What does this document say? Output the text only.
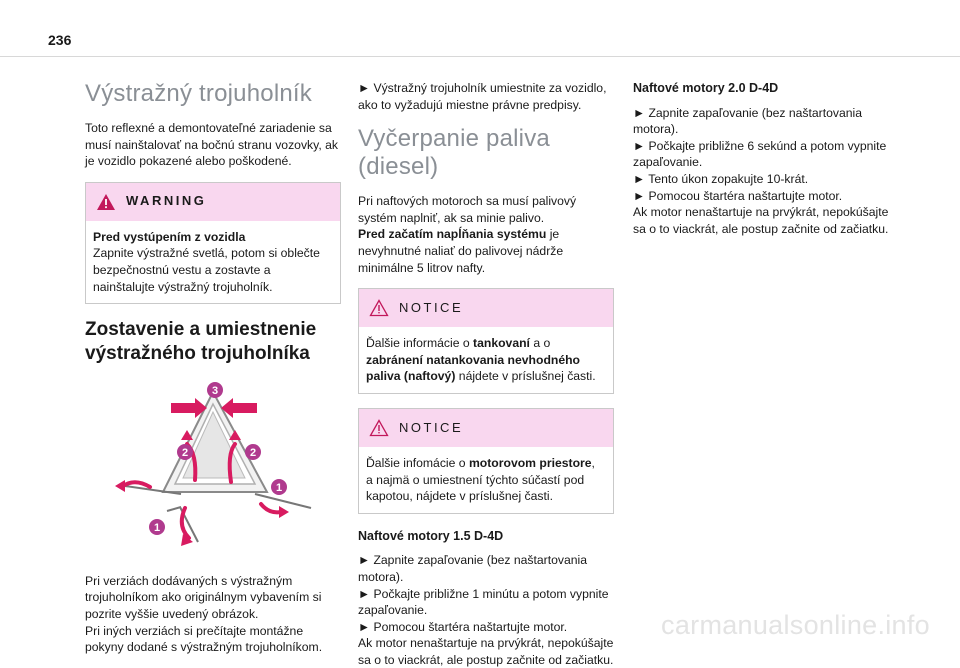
236
Výstražný trojuholník

Toto reflexné a demontovateľné zariadenie sa musí nainštalovať na bočnú stranu vozovky, ak je vozidlo pokazené alebo poškodené.

WARNING
Pred vystúpením z vozidla
Zapnite výstražné svetlá, potom si oblečte bezpečnostnú vestu a zostavte a nainštalujte výstražný trojuholník.
Zostavenie a umiestnenie výstražného trojuholníka
3
2	2
1
1
Pri verziách dodávaných s výstražným trojuholníkom ako originálnym vybavením si pozrite vyššie uvedený obrázok.
Pri iných verziách si prečítajte montážne pokyny dodané s výstražným trojuholníkom.

► Výstražný trojuholník umiestnite za vozidlo, ako to vyžadujú miestne právne predpisy.

Vyčerpanie paliva (diesel)
Pri naftových motoroch sa musí palivový systém naplniť, ak sa minie palivo.

Pred začatím napĺňania systému je nevyhnutné naliať do palivovej nádrže minimálne 5 litrov nafty.

NOTICE
Ďalšie informácie o tankovaní a o zabránení natankovania nevhodného paliva (naftový) nájdete v príslušnej časti.
NOTICE
Ďalšie infomácie o motorovom priestore, a najmä o umiestnení týchto súčastí pod kapotou, nájdete v príslušnej časti.
Naftové motory 1.5 D-4D
► Zapnite zapaľovanie (bez naštartovania motora).
► Počkajte približne 1 minútu a potom vypnite zapaľovanie.
► Pomocou štartéra naštartujte motor.
Ak motor nenaštartuje na prvýkrát, nepokúšajte sa o to viackrát, ale postup začnite od začiatku.
Naftové motory 2.0 D-4D
► Zapnite zapaľovanie (bez naštartovania motora).
► Počkajte približne 6 sekúnd a potom vypnite zapaľovanie.
► Tento úkon zopakujte 10-krát.
► Pomocou štartéra naštartujte motor.
Ak motor nenaštartuje na prvýkrát, nepokúšajte sa o to viackrát, ale postup začnite od začiatku.
carmanualsonline.info
